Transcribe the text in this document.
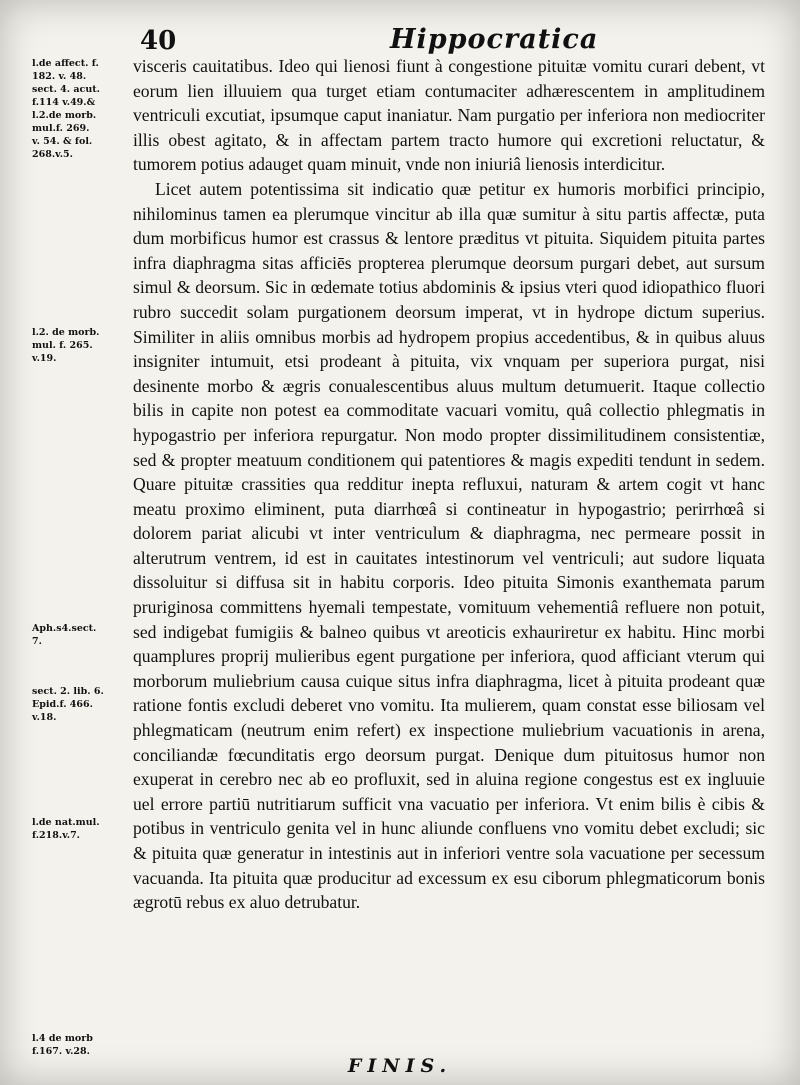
40	Hippocratica
l.de affect. f.
182. v. 48.
sect. 4. acut.
f.114 v.49.&
l.2.de morb.
mul.f. 269.
v. 54. & fol.
268.v.5.
l.2. de morb.
mul. f. 265.
v.19.
Aph.s4.sect.
7.
sect. 2. lib. 6.
Epid.f. 466.
v.18.
l.de nat.mul.
f.218.v.7.
l.4 de morb
f.167. v.28.

visceris cauitatibus. Ideo qui lienosi fiunt à congestione pituitæ vomitu curari debent, vt eorum lien illuuiem qua turget etiam contumaciter adhærescentem in amplitudinem ventriculi excutiat, ipsumque caput inaniatur. Nam purgatio per inferiora non mediocriter illis obest agitato, & in affectam partem tracto humore qui excretioni reluctatur, & tumorem potius adauget quam minuit, vnde non iniuriâ lienosis interdicitur.

Licet autem potentissima sit indicatio quæ petitur ex humoris morbifici principio, nihilominus tamen ea plerumque vincitur ab illa quæ sumitur à situ partis affectæ, puta dum morbificus humor est crassus & lentore præditus vt pituita. Siquidem pituita partes infra diaphragma sitas afficiēs propterea plerumque deorsum purgari debet, aut sursum simul & deorsum. Sic in œdemate totius abdominis & ipsius vteri quod idiopathico fluori rubro succedit solam purgationem deorsum imperat, vt in hydrope dictum superius. Similiter in aliis omnibus morbis ad hydropem propius accedentibus, & in quibus aluus insigniter intumuit, etsi prodeant à pituita, vix vnquam per superiora purgat, nisi desinente morbo & ægris conualescentibus aluus multum detumuerit. Itaque collectio bilis in capite non potest ea commoditate vacuari vomitu, quâ collectio phlegmatis in hypogastrio per inferiora repurgatur. Non modo propter dissimilitudinem consistentiæ, sed & propter meatuum conditionem qui patentiores & magis expediti tendunt in sedem. Quare pituitæ crassities qua redditur inepta refluxui, naturam & artem cogit vt hanc meatu proximo eliminent, puta diarrhœâ si contineatur in hypogastrio; perirrhœâ si dolorem pariat alicubi vt inter ventriculum & diaphragma, nec permeare possit in alterutrum ventrem, id est in cauitates intestinorum vel ventriculi; aut sudore liquata dissoluitur si diffusa sit in habitu corporis. Ideo pituita Simonis exanthemata parum pruriginosa committens hyemali tempestate, vomituum vehementiâ refluere non potuit, sed indigebat fumigiis & balneo quibus vt areoticis exhauriretur ex habitu. Hinc morbi quamplures proprij mulieribus egent purgatione per inferiora, quod afficiant vterum qui morborum muliebrium causa cuique situs infra diaphragma, licet à pituita prodeant quæ ratione fontis excludi deberet vno vomitu. Ita mulierem, quam constat esse biliosam vel phlegmaticam (neutrum enim refert) ex inspectione muliebrium vacuationis in arena, conciliandæ fœcunditatis ergo deorsum purgat. Denique dum pituitosus humor non exuperat in cerebro nec ab eo profluxit, sed in aluina regione congestus est ex ingluuie uel errore partiū nutritiarum sufficit vna vacuatio per inferiora. Vt enim bilis è cibis & potibus in ventriculo genita vel in hunc aliunde confluens vno vomitu debet excludi; sic & pituita quæ generatur in intestinis aut in inferiori ventre sola vacuatione per secessum vacuanda. Ita pituita quæ producitur ad excessum ex esu ciborum phlegmaticorum bonis ægrotū rebus ex aluo detrubatur.

FINIS.
